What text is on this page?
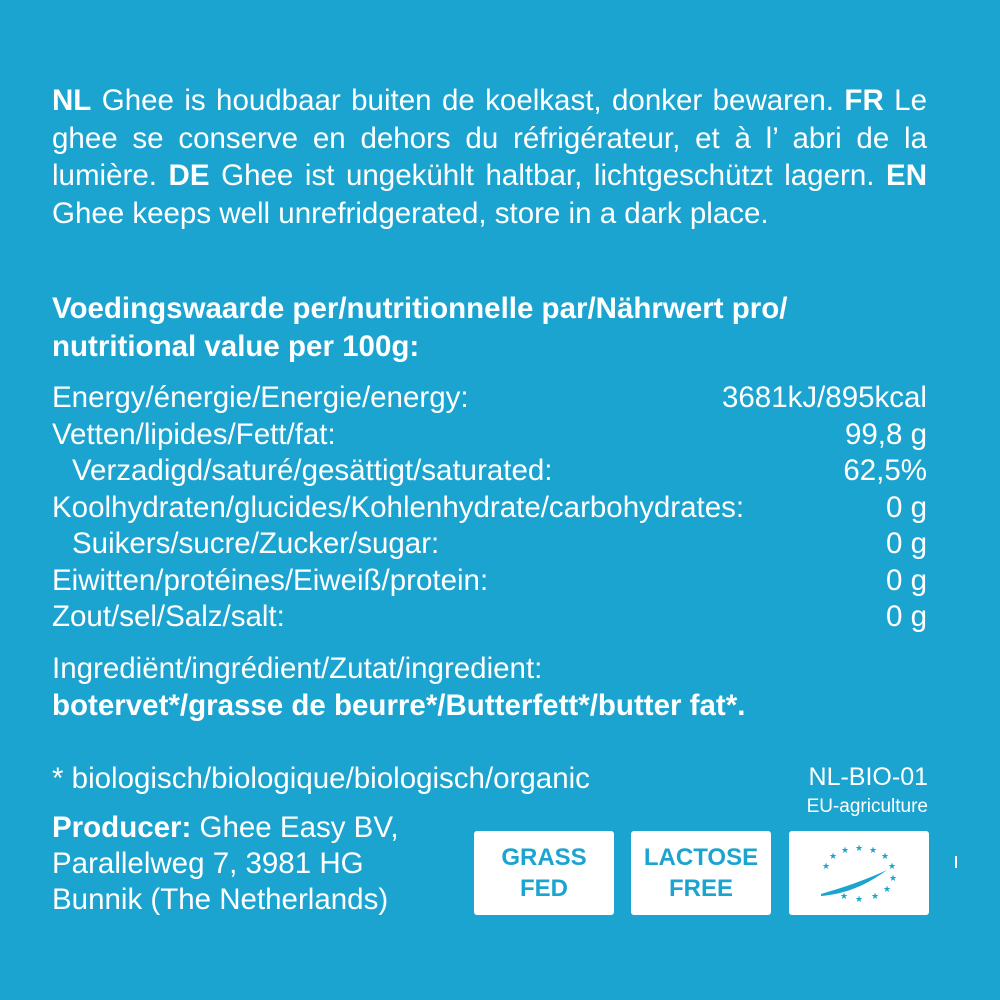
NL Ghee is houdbaar buiten de koelkast, donker bewaren. FR Le ghee se conserve en dehors du réfrigérateur, et à l’ abri de la lumière. DE Ghee ist ungekühlt haltbar, lichtgeschützt lagern. EN Ghee keeps well unrefridgerated, store in a dark place.
Voedingswaarde per/nutritionnelle par/Nährwert pro/
nutritional value per 100g:
Energy/énergie/Energie/energy:	3681kJ/895kcal
Vetten/lipides/Fett/fat:	99,8 g
Verzadigd/saturé/gesättigt/saturated:	62,5%
Koolhydraten/glucides/Kohlenhydrate/carbohydrates:	0 g
Suikers/sucre/Zucker/sugar:	0 g
Eiwitten/protéines/Eiweiß/protein:	0 g
Zout/sel/Salz/salt:	0 g
Ingrediënt/ingrédient/Zutat/ingredient:
botervet*/grasse de beurre*/Butterfett*/butter fat*.
* biologisch/biologique/biologisch/organic
Producer: Ghee Easy BV,
Parallelweg 7, 3981 HG
Bunnik (The Netherlands)
NL-BIO-01
EU-agriculture
GRASS
FED
LACTOSE
FREE
★ ★
★
★
★
★
★
★
★
★
★
★
